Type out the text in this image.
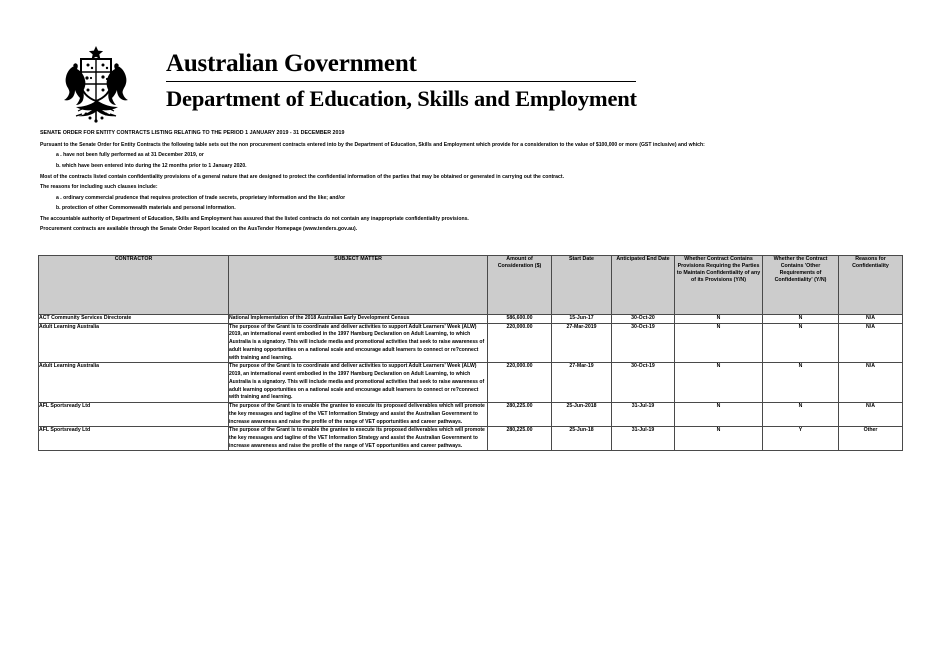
Australian Government
Department of Education, Skills and Employment

SENATE ORDER FOR ENTITY CONTRACTS LISTING RELATING TO THE PERIOD 1 JANUARY 2019 - 31 DECEMBER 2019

Pursuant to the Senate Order for Entity Contracts the following table sets out the non procurement contracts entered into by the Department of Education, Skills and Employment which provide for a consideration to the value of $100,000 or more (GST inclusive) and which:

a . have not been fully performed as at 31 December 2019, or

b. which have been entered into during the 12 months prior to 1 January 2020.

Most of the contracts listed contain confidentiality provisions of a general nature that are designed to protect the confidential information of the parties that may be obtained or generated in carrying out the contract.

The reasons for including such clauses include:

a . ordinary commercial prudence that requires protection of trade secrets, proprietary information and the like; and/or

b. protection of other Commonwealth materials and personal information.

The accountable authority of Department of Education, Skills and Employment has assured that the listed contracts do not contain any inappropriate confidentiality provisions.

Procurement contracts are available through the Senate Order Report located on the AusTender Homepage (www.tenders.gov.au).

CONTRACTOR	SUBJECT MATTER	Amount of Consideration ($)	Start Date	Anticipated End Date	Whether Contract Contains Provisions Requiring the Parties to Maintain Confidentiality of any of its Provisions (Y/N)	Whether the Contract Contains 'Other Requirements of Confidentiality' (Y/N)	Reasons for Confidentiality
ACT Community Services Directorate	National Implementation of the 2018 Australian Early Development Census	586,600.00	15-Jun-17	30-Oct-20	N	N	N/A
Adult Learning Australia	The purpose of the Grant is to coordinate and deliver activities to support Adult Learners' Week (ALW) 2019, an international event embodied in the 1997 Hamburg Declaration on Adult Learning, to which Australia is a signatory. This will include media and promotional activities that seek to raise awareness of adult learning opportunities on a national scale and encourage adult learners to connect or re?connect with training and learning.	220,000.00	27-Mar-2019	30-Oct-19	N	N	N/A
Adult Learning Australia	The purpose of the Grant is to coordinate and deliver activities to support Adult Learners' Week (ALW) 2019, an international event embodied in the 1997 Hamburg Declaration on Adult Learning, to which Australia is a signatory. This will include media and promotional activities that seek to raise awareness of adult learning opportunities on a national scale and encourage adult learners to connect or re?connect with training and learning.	220,000.00	27-Mar-19	30-Oct-19	N	N	N/A
AFL Sportsready Ltd	The purpose of the Grant is to enable the grantee to execute its proposed deliverables which will promote the key messages and tagline of the VET Information Strategy and assist the Australian Government to increase awareness and raise the profile of the range of VET opportunities and career pathways.	280,225.00	25-Jun-2018	31-Jul-19	N	N	N/A
AFL Sportsready Ltd	The purpose of the Grant is to enable the grantee to execute its proposed deliverables which will promote the key messages and tagline of the VET Information Strategy and assist the Australian Government to increase awareness and raise the profile of the range of VET opportunities and career pathways.	280,225.00	25-Jun-18	31-Jul-19	N	Y	Other
